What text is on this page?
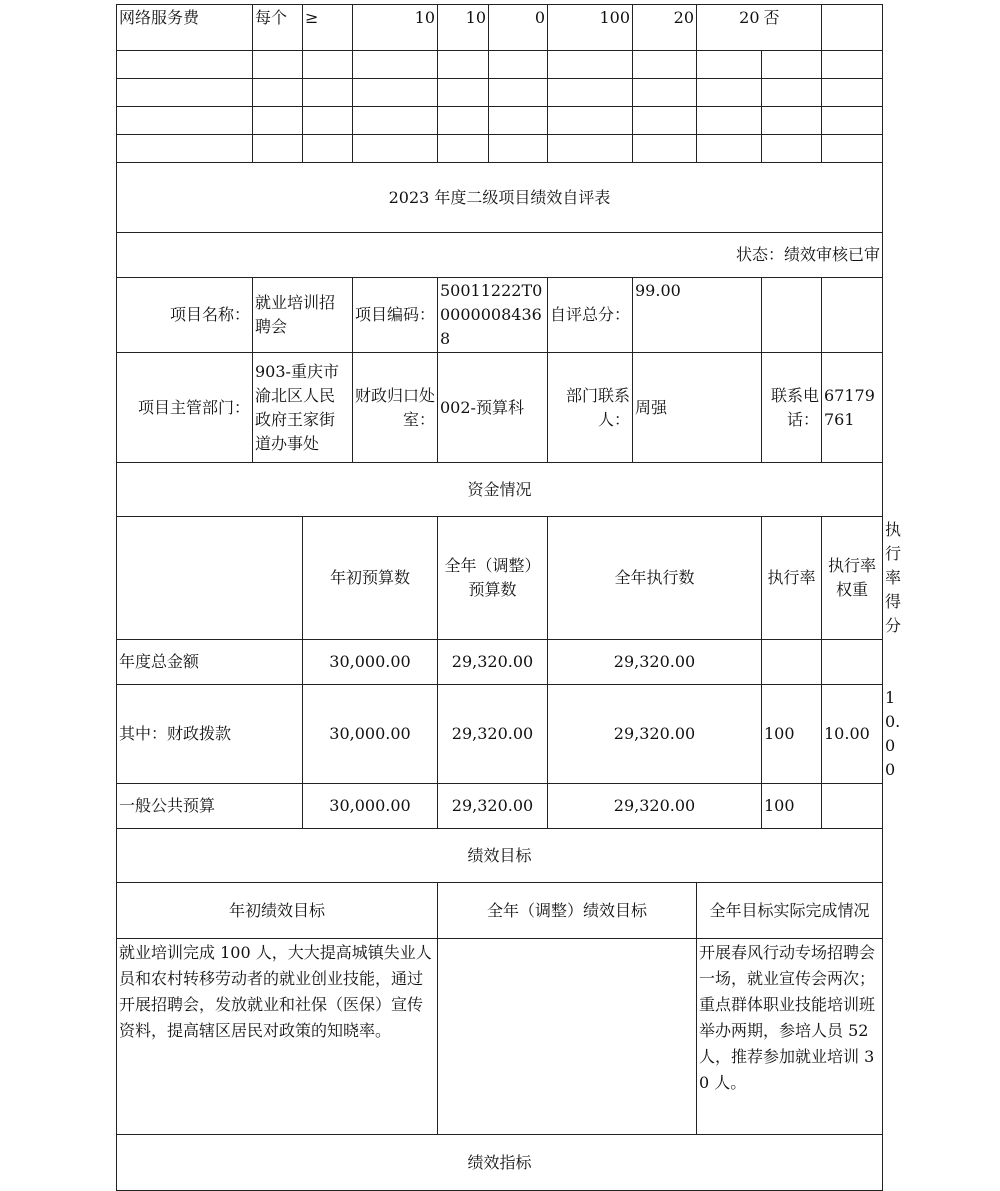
网络服务费	每个	≥	10	10	0	100	20	20	否		

2023 年度二级项目绩效自评表											
状态：绩效审核已审											
项目名称：	就业培训招聘会		项目编码：	50011222T000000084368		自评总分：	99.00				
项目主管部门：	903-重庆市渝北区人民政府王家街道办事处		财政归口处室：	002-预算科		部门联系人：	周强		联系电话：	67179761	
资金情况											
		年初预算数		全年（调整）预算数		全年执行数			执行率	执行率权重	执行率得分
年度总金额		30,000.00		29,320.00		29,320.00					
其中：财政拨款		30,000.00		29,320.00		29,320.00			100	10.00	10.00
一般公共预算		30,000.00		29,320.00		29,320.00			100		
绩效目标											
年初绩效目标				全年（调整）绩效目标				全年目标实际完成情况			
就业培训完成 100 人，大大提高城镇失业人员和农村转移劳动者的就业创业技能，通过开展招聘会，发放就业和社保（医保）宣传资料，提高辖区居民对政策的知晓率。								开展春风行动专场招聘会一场，就业宣传会两次；重点群体职业技能培训班举办两期，参培人员 52 人，推荐参加就业培训 30 人。			
绩效指标											
